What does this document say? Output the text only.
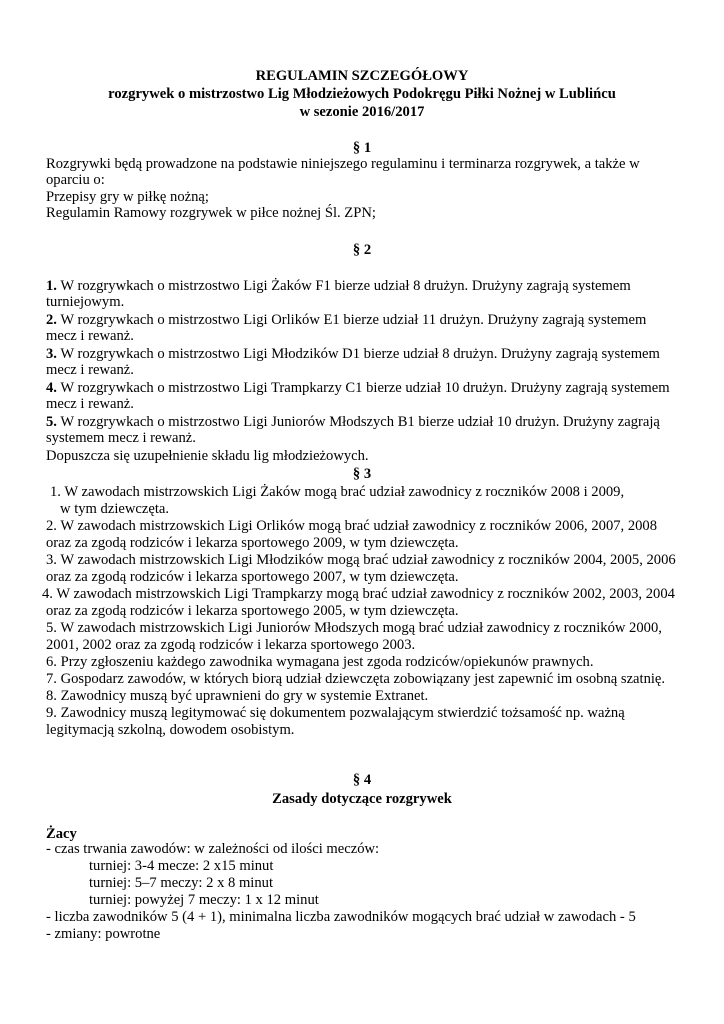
REGULAMIN SZCZEGÓŁOWY
rozgrywek o mistrzostwo Lig Młodzieżowych Podokręgu Piłki Nożnej w Lublińcu
w sezonie 2016/2017
§ 1
Rozgrywki będą prowadzone na podstawie niniejszego regulaminu i terminarza rozgrywek, a także w
oparciu o:
Przepisy gry w piłkę nożną;
Regulamin Ramowy rozgrywek w piłce nożnej Śl. ZPN;
§ 2
1. W rozgrywkach o mistrzostwo Ligi Żaków F1 bierze udział 8 drużyn. Drużyny zagrają systemem
turniejowym.
2. W rozgrywkach o mistrzostwo Ligi Orlików E1 bierze udział 11 drużyn. Drużyny zagrają systemem
mecz i rewanż.
3. W rozgrywkach o mistrzostwo Ligi Młodzików D1 bierze udział 8 drużyn. Drużyny zagrają systemem
mecz i rewanż.
4. W rozgrywkach o mistrzostwo Ligi Trampkarzy C1 bierze udział 10 drużyn. Drużyny zagrają systemem
mecz i rewanż.
5. W rozgrywkach o mistrzostwo Ligi Juniorów Młodszych B1 bierze udział 10 drużyn. Drużyny zagrają
systemem mecz i rewanż.
Dopuszcza się uzupełnienie składu lig młodzieżowych.
§ 3
1. W zawodach mistrzowskich Ligi Żaków mogą brać udział zawodnicy z roczników 2008 i 2009,
w tym dziewczęta.
2. W zawodach mistrzowskich Ligi Orlików mogą brać udział zawodnicy z roczników 2006, 2007, 2008
oraz za zgodą rodziców i lekarza sportowego 2009, w tym dziewczęta.
3. W zawodach mistrzowskich Ligi Młodzików mogą brać udział zawodnicy z roczników 2004, 2005, 2006
oraz za zgodą rodziców i lekarza sportowego 2007, w tym dziewczęta.
4. W zawodach mistrzowskich Ligi Trampkarzy mogą brać udział zawodnicy z roczników 2002, 2003, 2004
oraz za zgodą rodziców i lekarza sportowego 2005, w tym dziewczęta.
5. W zawodach mistrzowskich Ligi Juniorów Młodszych mogą brać udział zawodnicy z roczników 2000,
2001, 2002 oraz za zgodą rodziców i lekarza sportowego 2003.
6. Przy zgłoszeniu każdego zawodnika wymagana jest zgoda rodziców/opiekunów prawnych.
7. Gospodarz zawodów, w których biorą udział dziewczęta zobowiązany jest zapewnić im osobną szatnię.
8. Zawodnicy muszą być uprawnieni do gry w systemie Extranet.
9. Zawodnicy muszą legitymować się dokumentem pozwalającym stwierdzić tożsamość np. ważną
legitymacją szkolną, dowodem osobistym.
§ 4
Zasady dotyczące rozgrywek
Żacy
- czas trwania zawodów: w zależności od ilości meczów:
turniej: 3-4 mecze: 2 x15 minut
turniej: 5–7 meczy: 2 x 8 minut
turniej: powyżej 7 meczy: 1 x 12 minut
- liczba zawodników 5 (4 + 1), minimalna liczba zawodników mogących brać udział w zawodach - 5
- zmiany: powrotne
